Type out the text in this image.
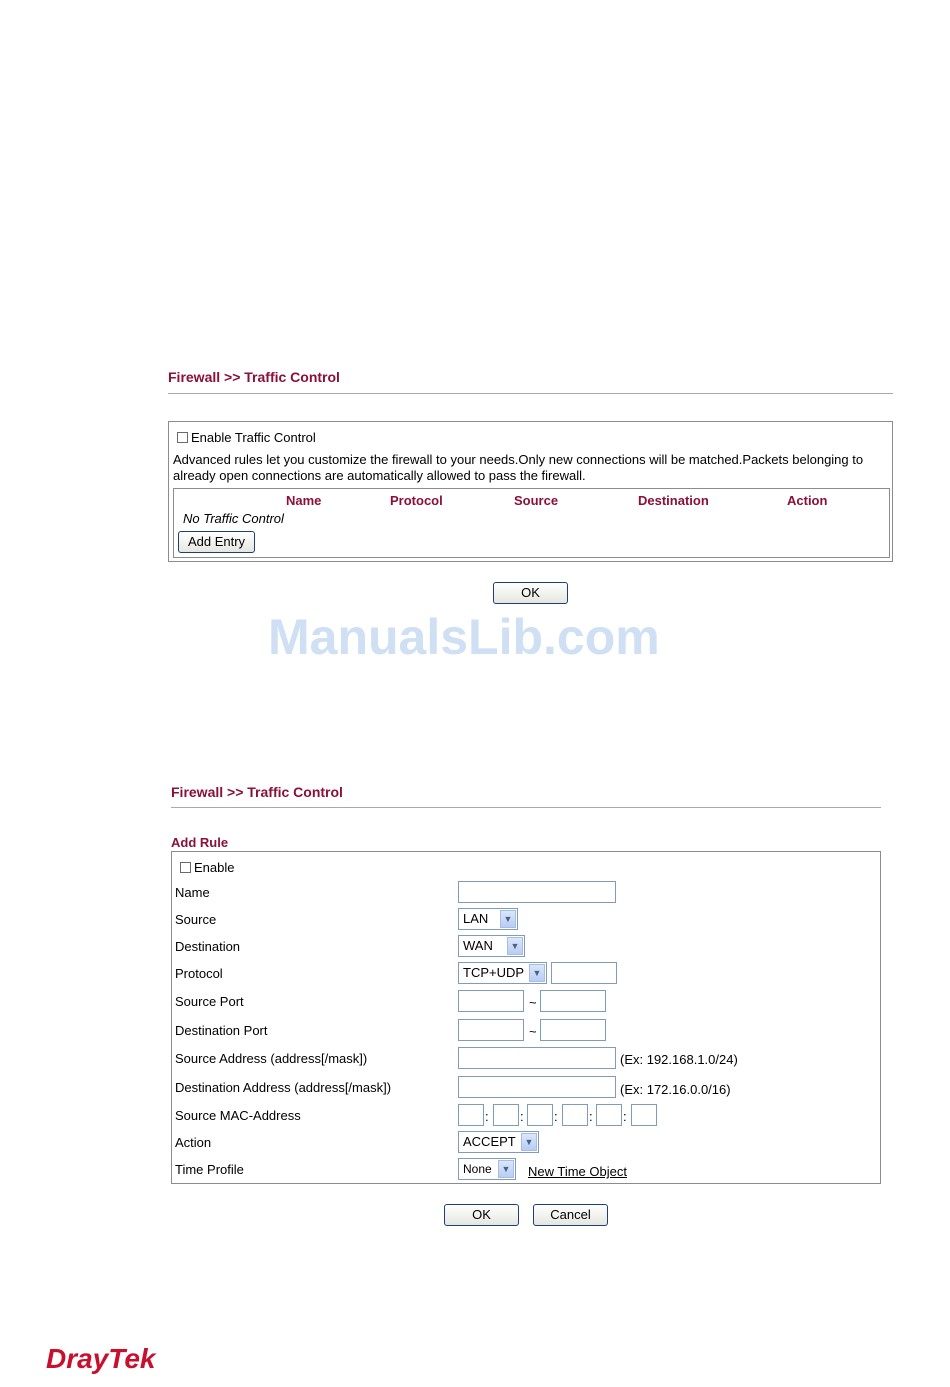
Firewall >> Traffic Control
Enable Traffic Control
Advanced rules let you customize the firewall to your needs.Only new connections will be matched.Packets belonging to already open connections are automatically allowed to pass the firewall.
Name	Protocol	Source	Destination	Action
No Traffic Control
Add Entry
OK
ManualsLib.com
Firewall >> Traffic Control
Add Rule
Enable
Name
Source	LAN	▼
Destination	WAN	▼
Protocol	TCP+UDP ▼
Source Port	~
Destination Port	~
Source Address (address[/mask])	(Ex: 192.168.1.0/24)
Destination Address (address[/mask])	(Ex: 172.16.0.0/16)
Source MAC-Address	: : : : :
Action	ACCEPT ▼
Time Profile	None	▼ New Time Object
OK	Cancel
DrayTek
